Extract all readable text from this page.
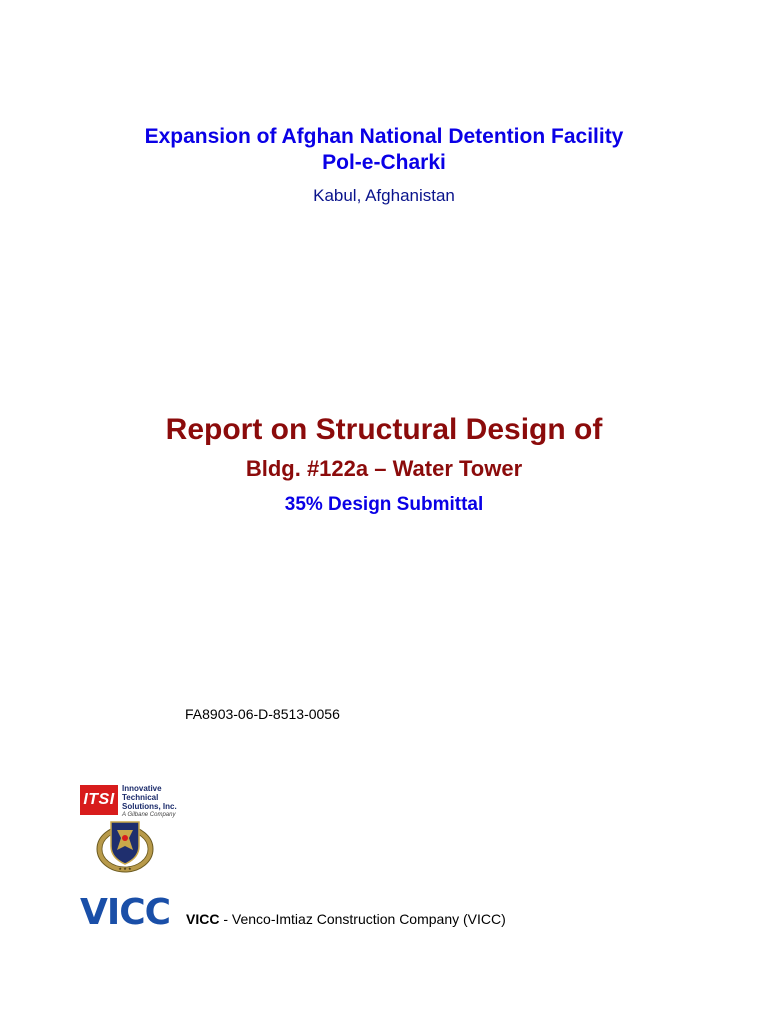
Expansion of Afghan National Detention Facility
Pol-e-Charki
Kabul, Afghanistan
Report on Structural Design of
Bldg. #122a – Water Tower
35% Design Submittal
FA8903-06-D-8513-0056
ITSI
Innovative
Technical
Solutions, Inc.
A Gilbane Company
★ ★ ★
VICC VICC - Venco-Imtiaz Construction Company (VICC)
